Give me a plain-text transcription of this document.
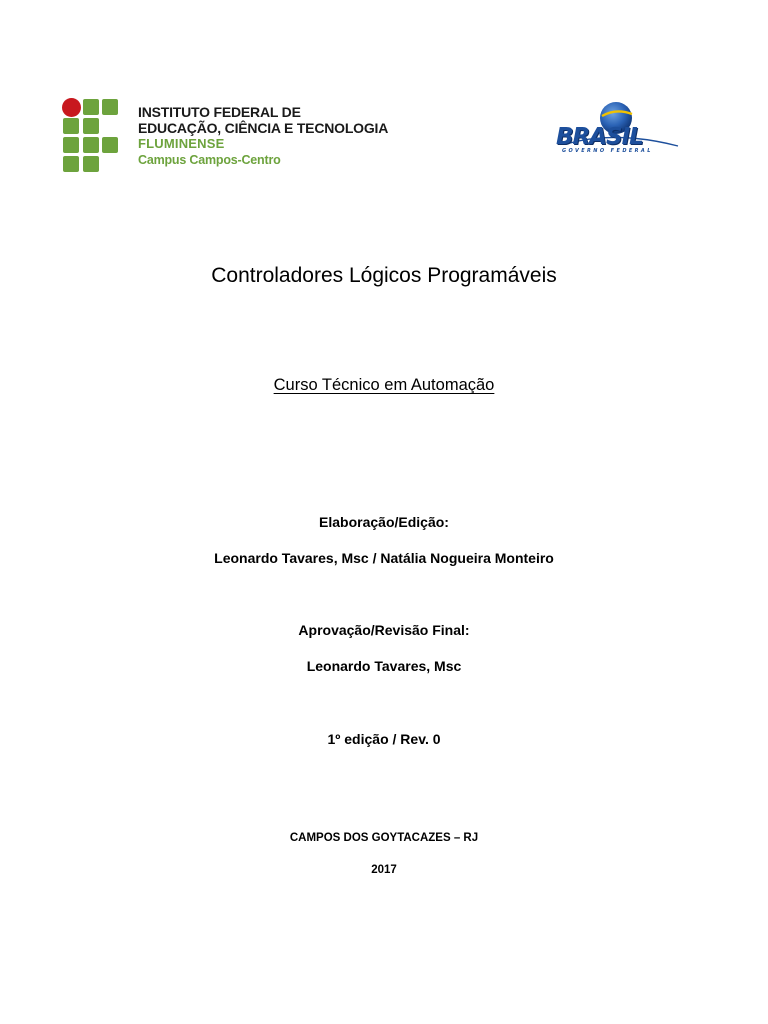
INSTITUTO FEDERAL DE
EDUCAÇÃO, CIÊNCIA E TECNOLOGIA
FLUMINENSE
Campus Campos-Centro
BRASIL
GOVERNO FEDERAL
Controladores Lógicos Programáveis
Curso Técnico em Automação
Elaboração/Edição:
Leonardo Tavares, Msc / Natália Nogueira Monteiro
Aprovação/Revisão Final:
Leonardo Tavares, Msc
1º edição / Rev. 0
CAMPOS DOS GOYTACAZES – RJ
2017
